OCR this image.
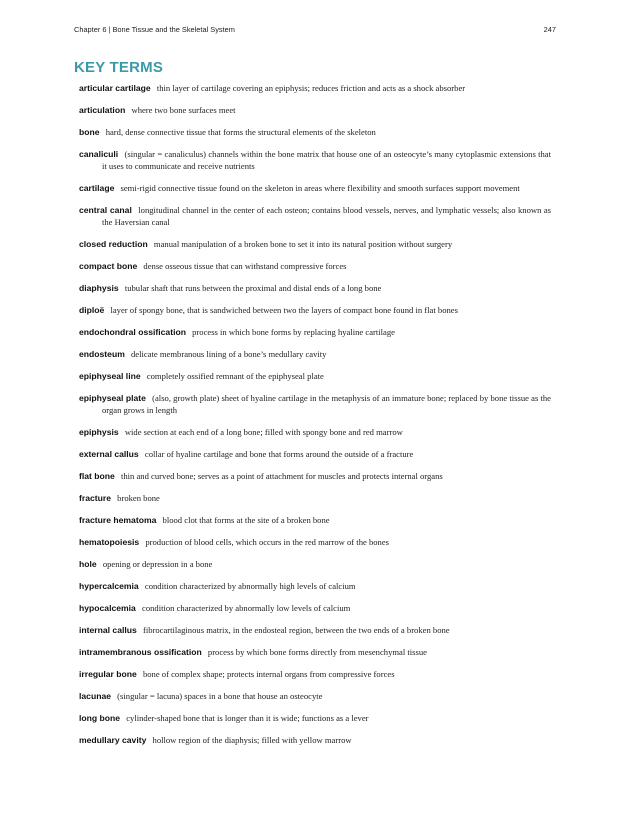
Chapter 6 | Bone Tissue and the Skeletal System	247
KEY TERMS
articular cartilage thin layer of cartilage covering an epiphysis; reduces friction and acts as a shock absorber
articulation where two bone surfaces meet
bone hard, dense connective tissue that forms the structural elements of the skeleton
canaliculi (singular = canaliculus) channels within the bone matrix that house one of an osteocyte’s many cytoplasmic extensions that it uses to communicate and receive nutrients
cartilage semi-rigid connective tissue found on the skeleton in areas where flexibility and smooth surfaces support movement
central canal longitudinal channel in the center of each osteon; contains blood vessels, nerves, and lymphatic vessels; also known as the Haversian canal
closed reduction manual manipulation of a broken bone to set it into its natural position without surgery
compact bone dense osseous tissue that can withstand compressive forces
diaphysis tubular shaft that runs between the proximal and distal ends of a long bone
diploë layer of spongy bone, that is sandwiched between two the layers of compact bone found in flat bones
endochondral ossification process in which bone forms by replacing hyaline cartilage
endosteum delicate membranous lining of a bone’s medullary cavity
epiphyseal line completely ossified remnant of the epiphyseal plate
epiphyseal plate (also, growth plate) sheet of hyaline cartilage in the metaphysis of an immature bone; replaced by bone tissue as the organ grows in length
epiphysis wide section at each end of a long bone; filled with spongy bone and red marrow
external callus collar of hyaline cartilage and bone that forms around the outside of a fracture
flat bone thin and curved bone; serves as a point of attachment for muscles and protects internal organs
fracture broken bone
fracture hematoma blood clot that forms at the site of a broken bone
hematopoiesis production of blood cells, which occurs in the red marrow of the bones
hole opening or depression in a bone
hypercalcemia condition characterized by abnormally high levels of calcium
hypocalcemia condition characterized by abnormally low levels of calcium
internal callus fibrocartilaginous matrix, in the endosteal region, between the two ends of a broken bone
intramembranous ossification process by which bone forms directly from mesenchymal tissue
irregular bone bone of complex shape; protects internal organs from compressive forces
lacunae (singular = lacuna) spaces in a bone that house an osteocyte
long bone cylinder-shaped bone that is longer than it is wide; functions as a lever
medullary cavity hollow region of the diaphysis; filled with yellow marrow
